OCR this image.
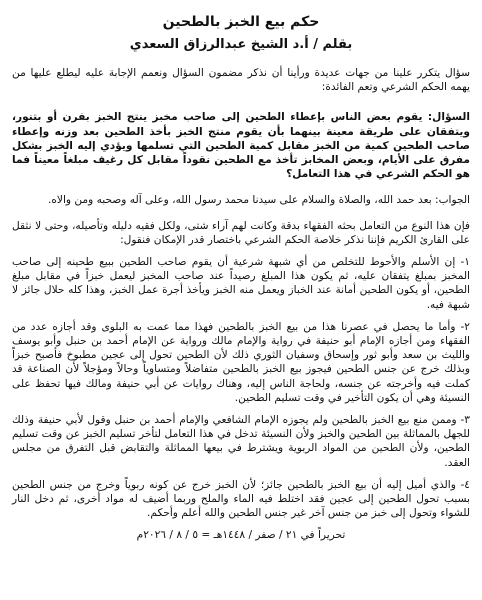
حكم بيع الخبز بالطحين
بقلم / أ.د الشيخ عبدالرزاق السعدي

سؤال يتكرر علينا من جهات عديدة ورأينا أن نذكر مضمون السؤال ونعمم الإجابة عليه ليطلع عليها من يهمه الحكم الشرعي وتعم الفائدة:

السؤال: يقوم بعض الناس بإعطاء الطحين إلى صاحب مخبز ينتج الخبز بفرن أو بتنور، ويتفقان على طريقة معينة بينهما بأن يقوم منتج الخبز بأخذ الطحين بعد وزنه وإعطاء صاحب الطحين كمية من الخبز مقابل كمية الطحين التي تسلمها ويؤدي إليه الخبز بشكل مفرق على الأيام، وبعض المخابز تأخذ مع الطحين نقوداً مقابل كل رغيف مبلغاً معيناً فما هو الحكم الشرعي في هذا التعامل؟

الجواب: بعد حمد الله، والصلاة والسلام على سيدنا محمد رسول الله، وعلى آله وصحبه ومن والاه.

فإن هذا النوع من التعامل بحثه الفقهاء بدقة وكانت لهم آراء شتى، ولكل فقيه دليله وتأصيله، وحتى لا نثقل على القارئ الكريم فإننا نذكر خلاصة الحكم الشرعي باختصار قدر الإمكان فنقول:

١- إن الأسلم والأحوط للتخلص من أي شبهة شرعية أن يقوم صاحب الطحين ببيع طحينه إلى صاحب المخبز بمبلغ يتفقان عليه، ثم يكون هذا المبلغ رصيداً عند صاحب المخبز ليعمل خبزاً في مقابل مبلغ الطحين، أو يكون الطحين أمانة عند الخباز ويعمل منه الخبز ويأخذ أجرة عمل الخبز، وهذا كله حلال جائز لا شبهة فيه.

٢- وأما ما يحصل في عصرنا هذا من بيع الخبز بالطحين فهذا مما عمت به البلوى وقد أجازه عدد من الفقهاء ومن أجازه الإمام أبو حنيفة في رواية والإمام مالك ورواية عن الإمام أحمد بن حنبل وأبو يوسف والليث بن سعد وأبو ثور وإسحاق وسفيان الثوري ذلك لأن الطحين تحول إلى عجين مطبوخ فأصبح خبزاً وبذلك خرج عن جنس الطحين فيجوز بيع الخبز بالطحين متفاضلاً ومتساوياً وحالاً ومؤجلاً لأن الصناعة قد كملت فيه وأخرجته عن جنسه، ولحاجة الناس إليه، وهناك روايات عن أبي حنيفة ومالك فيها تحفظ على النسيئة وهي أن يكون التأخير في وقت تسليم الطحين.

٣- وممن منع بيع الخبز بالطحين ولم يجوزه الإمام الشافعي والإمام أحمد بن حنبل وقول لأبي حنيفة وذلك للجهل بالمماثلة بين الطحين والخبز ولأن النسيئة تدخل في هذا التعامل لتأخر تسليم الخبز عن وقت تسليم الطحين، ولأن الطحين من المواد الربوية ويشترط في بيعها المماثلة والتقابض قبل التفرق من مجلس العقد.

٤- والذي أميل إليه أن بيع الخبز بالطحين جائز؛ لأن الخبز خرج عن كونه ربوياً وخرج من جنس الطحين بسبب تحول الطحين إلى عجين فقد اختلط فيه الماء والملح وربما أضيف له مواد أخرى، ثم دخل النار للشواء وتحول إلى خبز من جنس آخر غير جنس الطحين والله أعلم وأحكم.

تحريراً في ٢١ / صفر / ١٤٤٨هـ = ٥ / ٨ / ٢٠٢٦م
